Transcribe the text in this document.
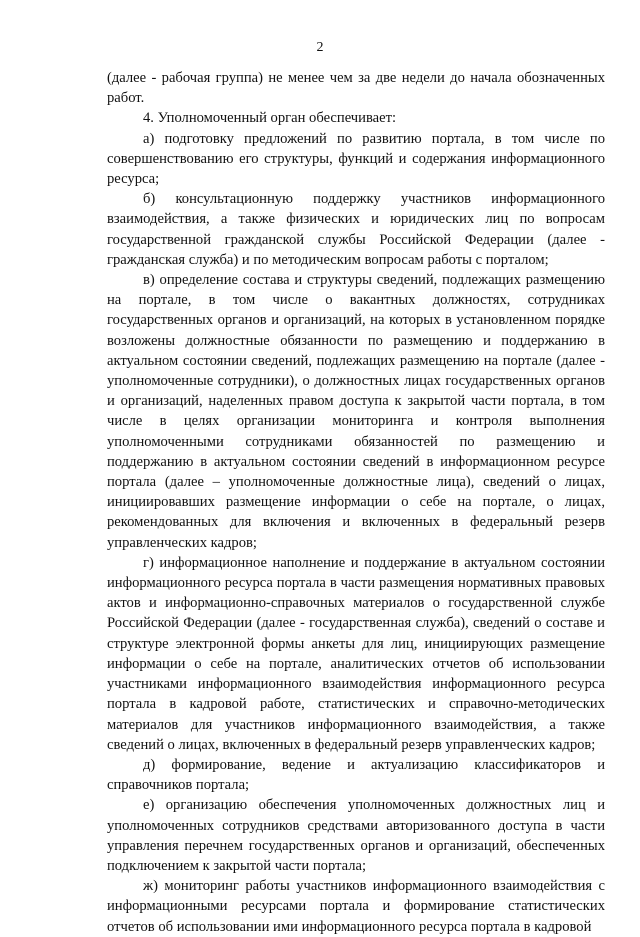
2

(далее - рабочая группа) не менее чем за две недели до начала обозначенных работ.

4. Уполномоченный орган обеспечивает:

а) подготовку предложений по развитию портала, в том числе по совершенствованию его структуры, функций и содержания информационного ресурса;

б) консультационную поддержку участников информационного взаимодействия, а также физических и юридических лиц по вопросам государственной гражданской службы Российской Федерации (далее - гражданская служба) и по методическим вопросам работы с порталом;

в) определение состава и структуры сведений, подлежащих размещению на портале, в том числе о вакантных должностях, сотрудниках государственных органов и организаций, на которых в установленном порядке возложены должностные обязанности по размещению и поддержанию в актуальном состоянии сведений, подлежащих размещению на портале (далее - уполномоченные сотрудники), о должностных лицах государственных органов и организаций, наделенных правом доступа к закрытой части портала, в том числе в целях организации мониторинга и контроля выполнения уполномоченными сотрудниками обязанностей по размещению и поддержанию в актуальном состоянии сведений в информационном ресурсе портала (далее – уполномоченные должностные лица), сведений о лицах, инициировавших размещение информации о себе на портале, о лицах, рекомендованных для включения и включенных в федеральный резерв управленческих кадров;

г) информационное наполнение и поддержание в актуальном состоянии информационного ресурса портала в части размещения нормативных правовых актов и информационно-справочных материалов о государственной службе Российской Федерации (далее - государственная служба), сведений о составе и структуре электронной формы анкеты для лиц, инициирующих размещение информации о себе на портале, аналитических отчетов об использовании участниками информационного взаимодействия информационного ресурса портала в кадровой работе, статистических и справочно-методических материалов для участников информационного взаимодействия, а также сведений о лицах, включенных в федеральный резерв управленческих кадров;

д) формирование, ведение и актуализацию классификаторов и справочников портала;

е) организацию обеспечения уполномоченных должностных лиц и уполномоченных сотрудников средствами авторизованного доступа в части управления перечнем государственных органов и организаций, обеспеченных подключением к закрытой части портала;

ж) мониторинг работы участников информационного взаимодействия с информационными ресурсами портала и формирование статистических отчетов об использовании ими информационного ресурса портала в кадровой
